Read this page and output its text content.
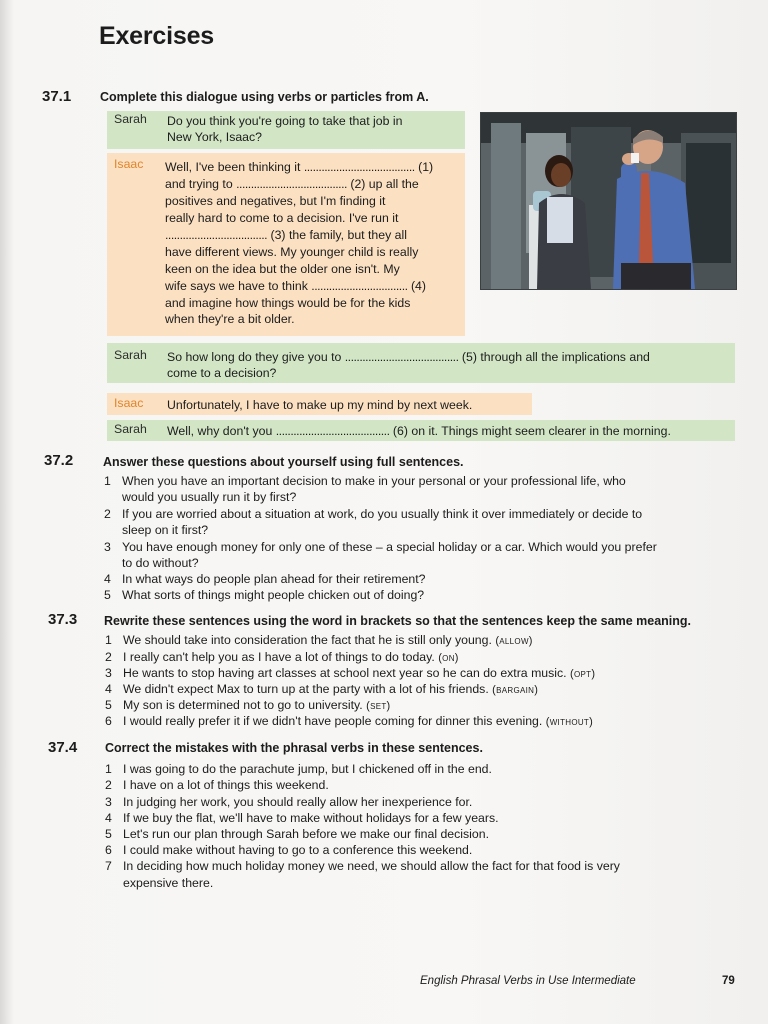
Exercises
37.1 Complete this dialogue using verbs or particles from A.
Sarah Do you think you're going to take that job in
New York, Isaac?
Isaac Well, I've been thinking it ...................................... (1)
and trying to ...................................... (2) up all the
positives and negatives, but I'm finding it
really hard to come to a decision. I've run it
................................... (3) the family, but they all
have different views. My younger child is really
keen on the idea but the older one isn't. My
wife says we have to think ................................. (4)
and imagine how things would be for the kids
when they're a bit older.
Sarah So how long do they give you to ....................................... (5) through all the implications and
come to a decision?
Isaac Unfortunately, I have to make up my mind by next week.
Sarah Well, why don't you ....................................... (6) on it. Things might seem clearer in the morning.
37.2 Answer these questions about yourself using full sentences.
1 When you have an important decision to make in your personal or your professional life, who
would you usually run it by first?
2 If you are worried about a situation at work, do you usually think it over immediately or decide to
sleep on it first?
3 You have enough money for only one of these – a special holiday or a car. Which would you prefer
to do without?
4 In what ways do people plan ahead for their retirement?
5 What sorts of things might people chicken out of doing?
37.3 Rewrite these sentences using the word in brackets so that the sentences keep the same meaning.
1 We should take into consideration the fact that he is still only young. (allow)
2 I really can't help you as I have a lot of things to do today. (on)
3 He wants to stop having art classes at school next year so he can do extra music. (opt)
4 We didn't expect Max to turn up at the party with a lot of his friends. (bargain)
5 My son is determined not to go to university. (set)
6 I would really prefer it if we didn't have people coming for dinner this evening. (without)
37.4 Correct the mistakes with the phrasal verbs in these sentences.
1 I was going to do the parachute jump, but I chickened off in the end.
2 I have on a lot of things this weekend.
3 In judging her work, you should really allow her inexperience for.
4 If we buy the flat, we'll have to make without holidays for a few years.
5 Let's run our plan through Sarah before we make our final decision.
6 I could make without having to go to a conference this weekend.
7 In deciding how much holiday money we need, we should allow the fact for that food is very
expensive there.
English Phrasal Verbs in Use Intermediate	79
